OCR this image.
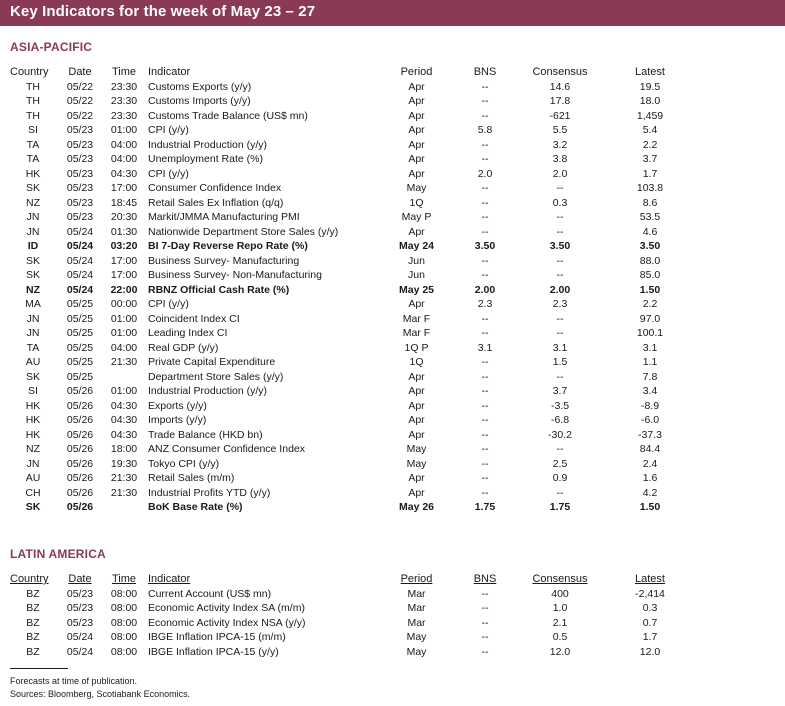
Key Indicators for the week of May 23 – 27
ASIA-PACIFIC
Country	Date	Time	Indicator	Period	BNS	Consensus	Latest
TH	05/22	23:30	Customs Exports (y/y)	Apr	--	14.6	19.5
TH	05/22	23:30	Customs Imports (y/y)	Apr	--	17.8	18.0
TH	05/22	23:30	Customs Trade Balance (US$ mn)	Apr	--	-621	1,459
SI	05/23	01:00	CPI (y/y)	Apr	5.8	5.5	5.4
TA	05/23	04:00	Industrial Production (y/y)	Apr	--	3.2	2.2
TA	05/23	04:00	Unemployment Rate (%)	Apr	--	3.8	3.7
HK	05/23	04:30	CPI (y/y)	Apr	2.0	2.0	1.7
SK	05/23	17:00	Consumer Confidence Index	May	--	--	103.8
NZ	05/23	18:45	Retail Sales Ex Inflation (q/q)	1Q	--	0.3	8.6
JN	05/23	20:30	Markit/JMMA Manufacturing PMI	May P	--	--	53.5
JN	05/24	01:30	Nationwide Department Store Sales (y/y)	Apr	--	--	4.6
ID	05/24	03:20	BI 7-Day Reverse Repo Rate (%)	May 24	3.50	3.50	3.50
SK	05/24	17:00	Business Survey- Manufacturing	Jun	--	--	88.0
SK	05/24	17:00	Business Survey- Non-Manufacturing	Jun	--	--	85.0
NZ	05/24	22:00	RBNZ Official Cash Rate (%)	May 25	2.00	2.00	1.50
MA	05/25	00:00	CPI (y/y)	Apr	2.3	2.3	2.2
JN	05/25	01:00	Coincident Index CI	Mar F	--	--	97.0
JN	05/25	01:00	Leading Index CI	Mar F	--	--	100.1
TA	05/25	04:00	Real GDP (y/y)	1Q P	3.1	3.1	3.1
AU	05/25	21:30	Private Capital Expenditure	1Q	--	1.5	1.1
SK	05/25		Department Store Sales (y/y)	Apr	--	--	7.8
SI	05/26	01:00	Industrial Production (y/y)	Apr	--	3.7	3.4
HK	05/26	04:30	Exports (y/y)	Apr	--	-3.5	-8.9
HK	05/26	04:30	Imports (y/y)	Apr	--	-6.8	-6.0
HK	05/26	04:30	Trade Balance (HKD bn)	Apr	--	-30.2	-37.3
NZ	05/26	18:00	ANZ Consumer Confidence Index	May	--	--	84.4
JN	05/26	19:30	Tokyo CPI (y/y)	May	--	2.5	2.4
AU	05/26	21:30	Retail Sales (m/m)	Apr	--	0.9	1.6
CH	05/26	21:30	Industrial Profits YTD (y/y)	Apr	--	--	4.2
SK	05/26		BoK Base Rate (%)	May 26	1.75	1.75	1.50
LATIN AMERICA
Country	Date	Time	Indicator	Period	BNS	Consensus	Latest
BZ	05/23	08:00	Current Account (US$ mn)	Mar	--	400	-2,414
BZ	05/23	08:00	Economic Activity Index SA (m/m)	Mar	--	1.0	0.3
BZ	05/23	08:00	Economic Activity Index NSA (y/y)	Mar	--	2.1	0.7
BZ	05/24	08:00	IBGE Inflation IPCA-15 (m/m)	May	--	0.5	1.7
BZ	05/24	08:00	IBGE Inflation IPCA-15 (y/y)	May	--	12.0	12.0
Forecasts at time of publication.
Sources: Bloomberg, Scotiabank Economics.
